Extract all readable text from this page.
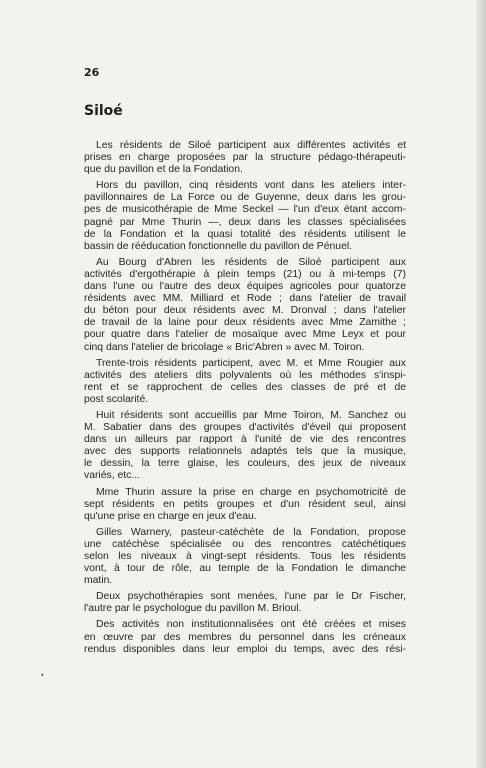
26
Siloé

Les résidents de Siloé participent aux différentes activités et
prises en charge proposées par la structure pédago-thérapeuti-
que du pavillon et de la Fondation.

Hors du pavillon, cinq résidents vont dans les ateliers inter-
pavillonnaires de La Force ou de Guyenne, deux dans les grou-
pes de musicothérapie de Mme Seckel — l'un d'eux étant accom-
pagné par Mme Thurin —, deux dans les classes spécialisées
de la Fondation et la quasi totalité des résidents utilisent le
bassin de rééducation fonctionnelle du pavillon de Pénuel.

Au Bourg d'Abren les résidents de Siloé participent aux
activités d'ergothérapie à plein temps (21) ou à mi-temps (7)
dans l'une ou l'autre des deux équipes agricoles pour quatorze
résidents avec MM. Milliard et Rode ; dans l'atelier de travail
du béton pour deux résidents avec M. Dronval ; dans l'atelier
de travail de la laine pour deux résidents avec Mme Zamithe ;
pour quatre dans l'atelier de mosaïque avec Mme Leyx et pour
cinq dans l'atelier de bricolage « Bric'Abren » avec M. Toiron.

Trente-trois résidents participent, avec M. et Mme Rougier aux
activités des ateliers dits polyvalents où les méthodes s'inspi-
rent et se rapprochent de celles des classes de pré et de
post scolarité.

Huit résidents sont accueillis par Mme Toiron, M. Sanchez ou
M. Sabatier dans des groupes d'activités d'éveil qui proposent
dans un ailleurs par rapport à l'unité de vie des rencontres
avec des supports relationnels adaptés tels que la musique,
le dessin, la terre glaise, les couleurs, des jeux de niveaux
variés, etc...

Mme Thurin assure la prise en charge en psychomotricité de
sept résidents en petits groupes et d'un résident seul, ainsi
qu'une prise en charge en jeux d'eau.

Gilles Warnery, pasteur-catéchète de la Fondation, propose
une catéchèse spécialisée ou des rencontres catéchétiques
selon les niveaux à vingt-sept résidents. Tous les résidents
vont, à tour de rôle, au temple de la Fondation le dimanche
matin.

Deux psychothérapies sont menées, l'une par le Dr Fischer,
l'autre par le psychologue du pavillon M. Brioul.

Des activités non institutionnalisées ont été créées et mises
en œuvre par des membres du personnel dans les créneaux
rendus disponibles dans leur emploi du temps, avec des rési-

•
